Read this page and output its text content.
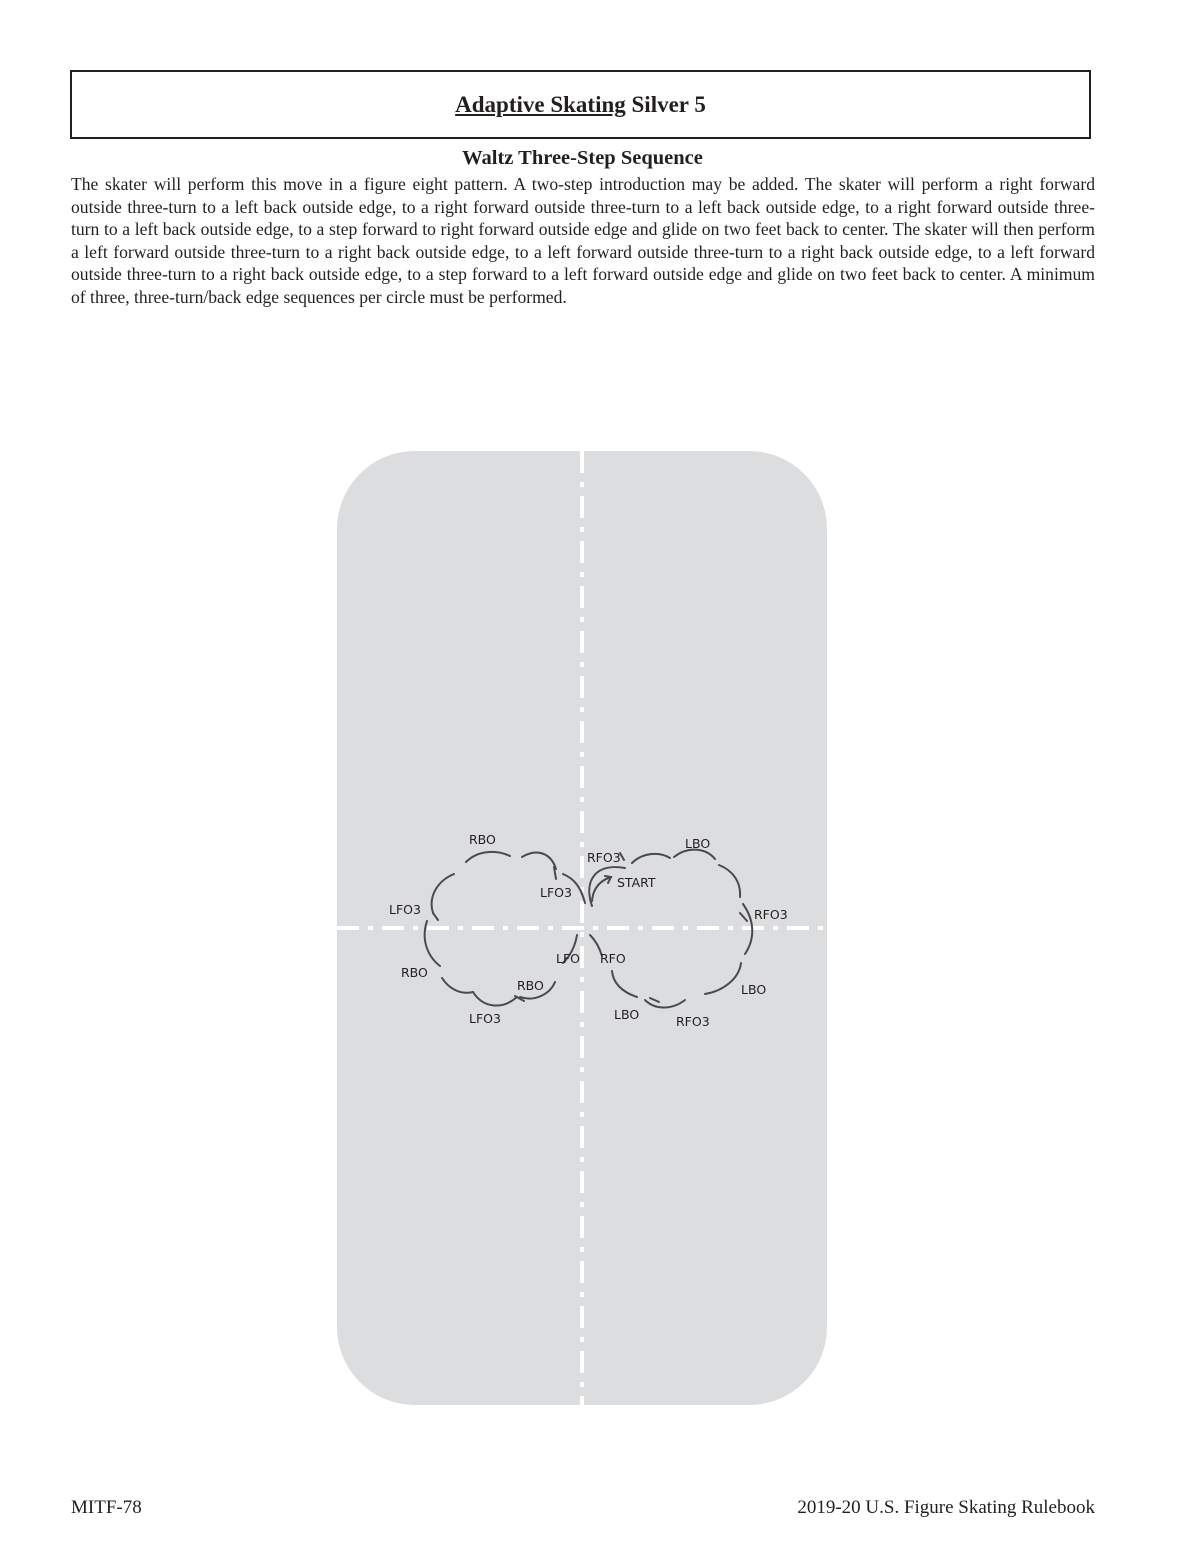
Adaptive Skating Silver 5
Waltz Three-Step Sequence

The skater will perform this move in a figure eight pattern. A two-step introduction may be added. The skater will perform a right forward outside three-turn to a left back outside edge, to a right forward outside three-turn to a left back outside edge, to a right forward outside three-turn to a left back outside edge, to a step forward to right forward outside edge and glide on two feet back to center. The skater will then perform a left forward outside three-turn to a right back outside edge, to a left forward outside three-turn to a right back outside edge, to a left forward outside three-turn to a right back outside edge, to a step forward to a left forward outside edge and glide on two feet back to center. A minimum of three, three-turn/back edge sequences per circle must be performed.

RBO
RFO3
LBO
START
LFO3
LFO3	RFO3
LFO RFO
RBO
RBO	LBO
LFO3	LBO	RFO3
MITF-78	2019-20 U.S. Figure Skating Rulebook
